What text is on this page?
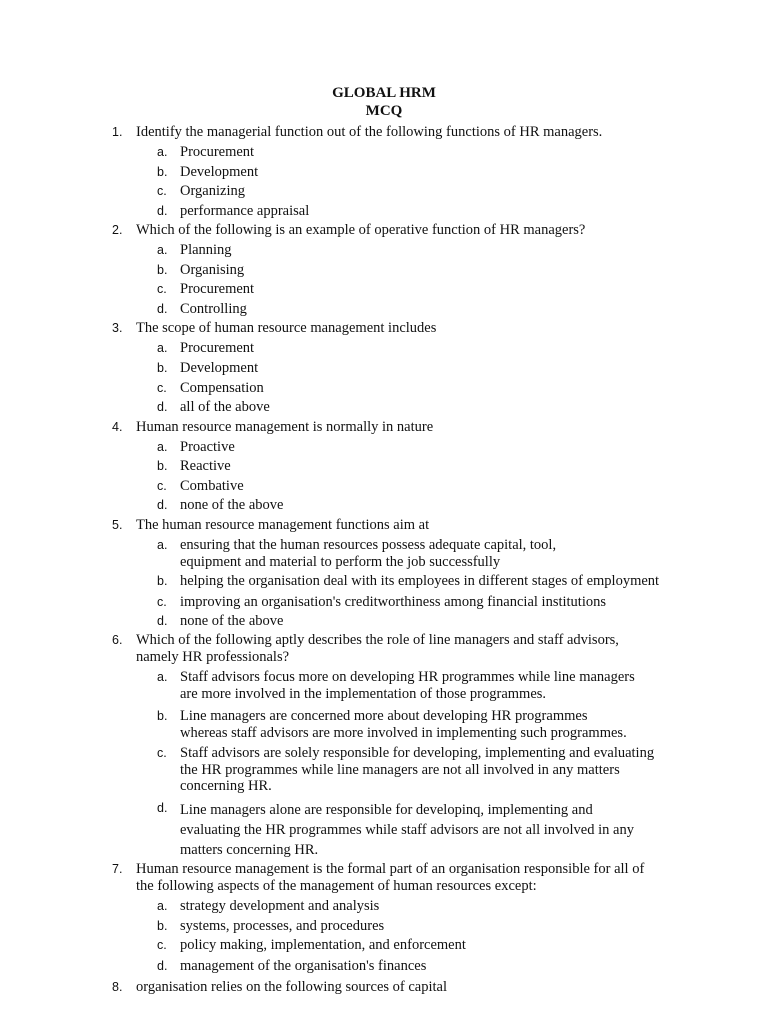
GLOBAL HRM
MCQ
1. Identify the managerial function out of the following functions of HR managers.
a. Procurement
b. Development
c. Organizing
d. performance appraisal
2. Which of the following is an example of operative function of HR managers?
a. Planning
b. Organising
c. Procurement
d. Controlling
3. The scope of human resource management includes
a. Procurement
b. Development
c. Compensation
d. all of the above
4. Human resource management is normally in nature
a. Proactive
b. Reactive
c. Combative
d. none of the above
5. The human resource management functions aim at
a. ensuring that the human resources possess adequate capital, tool,
equipment and material to perform the job successfully
b. helping the organisation deal with its employees in different stages of employment
c. improving an organisation's creditworthiness among financial institutions
d. none of the above
6. Which of the following aptly describes the role of line managers and staff advisors,
namely HR professionals?
a. Staff advisors focus more on developing HR programmes while line managers
are more involved in the implementation of those programmes.
b. Line managers are concerned more about developing HR programmes
whereas staff advisors are more involved in implementing such programmes.
c. Staff advisors are solely responsible for developing, implementing and evaluating
the HR programmes while line managers are not all involved in any matters
concerning HR.
d. Line managers alone are responsible for developinq, implementing and
evaluating the HR programmes while staff advisors are not all involved in any
matters concerning HR.
7. Human resource management is the formal part of an organisation responsible for all of
the following aspects of the management of human resources except:
a. strategy development and analysis
b. systems, processes, and procedures
c. policy making, implementation, and enforcement
d. management of the organisation's finances
8. organisation relies on the following sources of capital
